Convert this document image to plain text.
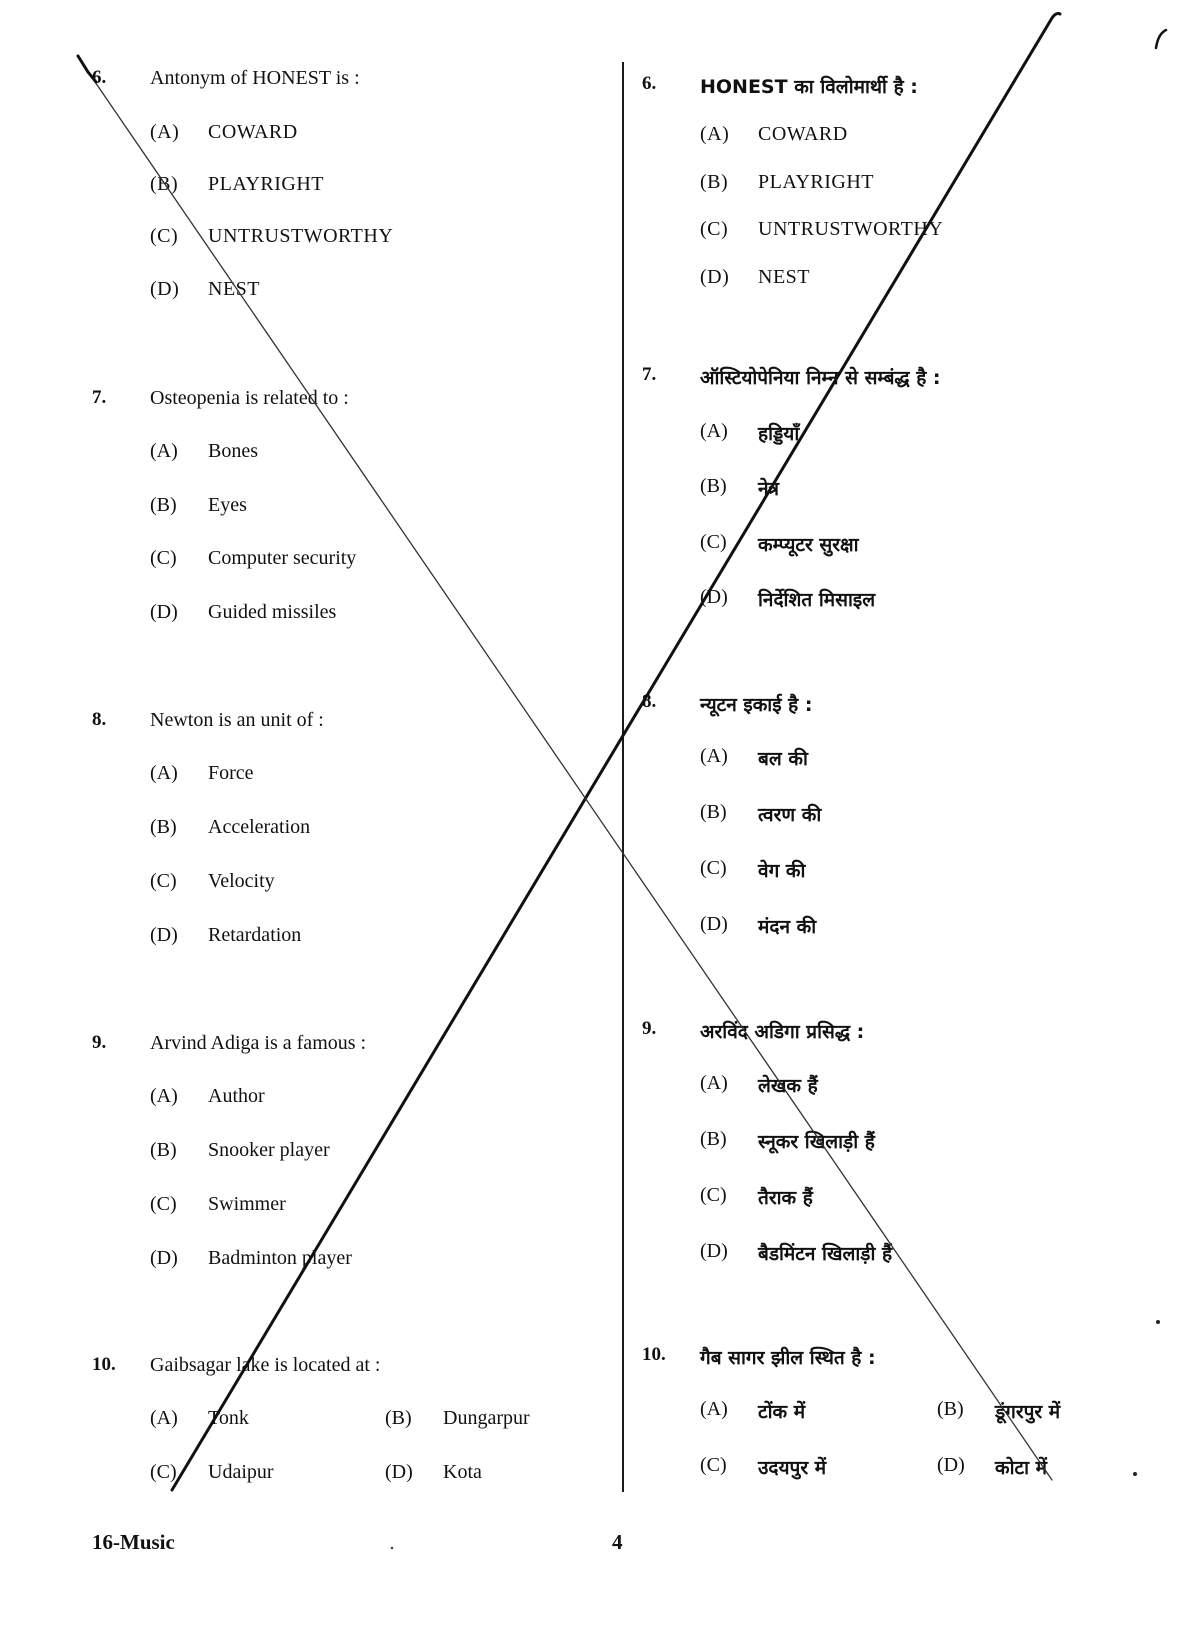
6. Antonym of HONEST is :
(A) COWARD
(B) PLAYRIGHT
(C) UNTRUSTWORTHY
(D) NEST
7. Osteopenia is related to :
(A) Bones
(B) Eyes
(C) Computer security
(D) Guided missiles
8. Newton is an unit of :
(A) Force
(B) Acceleration
(C) Velocity
(D) Retardation
9. Arvind Adiga is a famous :
(A) Author
(B) Snooker player
(C) Swimmer
(D) Badminton player
10. Gaibsagar lake is located at :
(A) Tonk	(B) Dungarpur
(C) Udaipur	(D) Kota
6. HONEST का विलोमार्थी है :
(A) COWARD
(B) PLAYRIGHT
(C) UNTRUSTWORTHY
(D) NEST
7. ऑस्टियोपेनिया निम्न से सम्बंद्ध है :
(A) हड्डियाँ
(B) नेत्र
(C) कम्प्यूटर सुरक्षा
(D) निर्देशित मिसाइल
8. न्यूटन इकाई है :
(A) बल की
(B) त्वरण की
(C) वेग की
(D) मंदन की
9. अरविंद अडिगा प्रसिद्ध :
(A) लेखक हैं
(B) स्नूकर खिलाड़ी हैं
(C) तैराक हैं
(D) बैडमिंटन खिलाड़ी हैं
10. गैब सागर झील स्थित है :
(A) टोंक में	(B) डूंगरपुर में
(C) उदयपुर में	(D) कोटा में
16-Music	4
